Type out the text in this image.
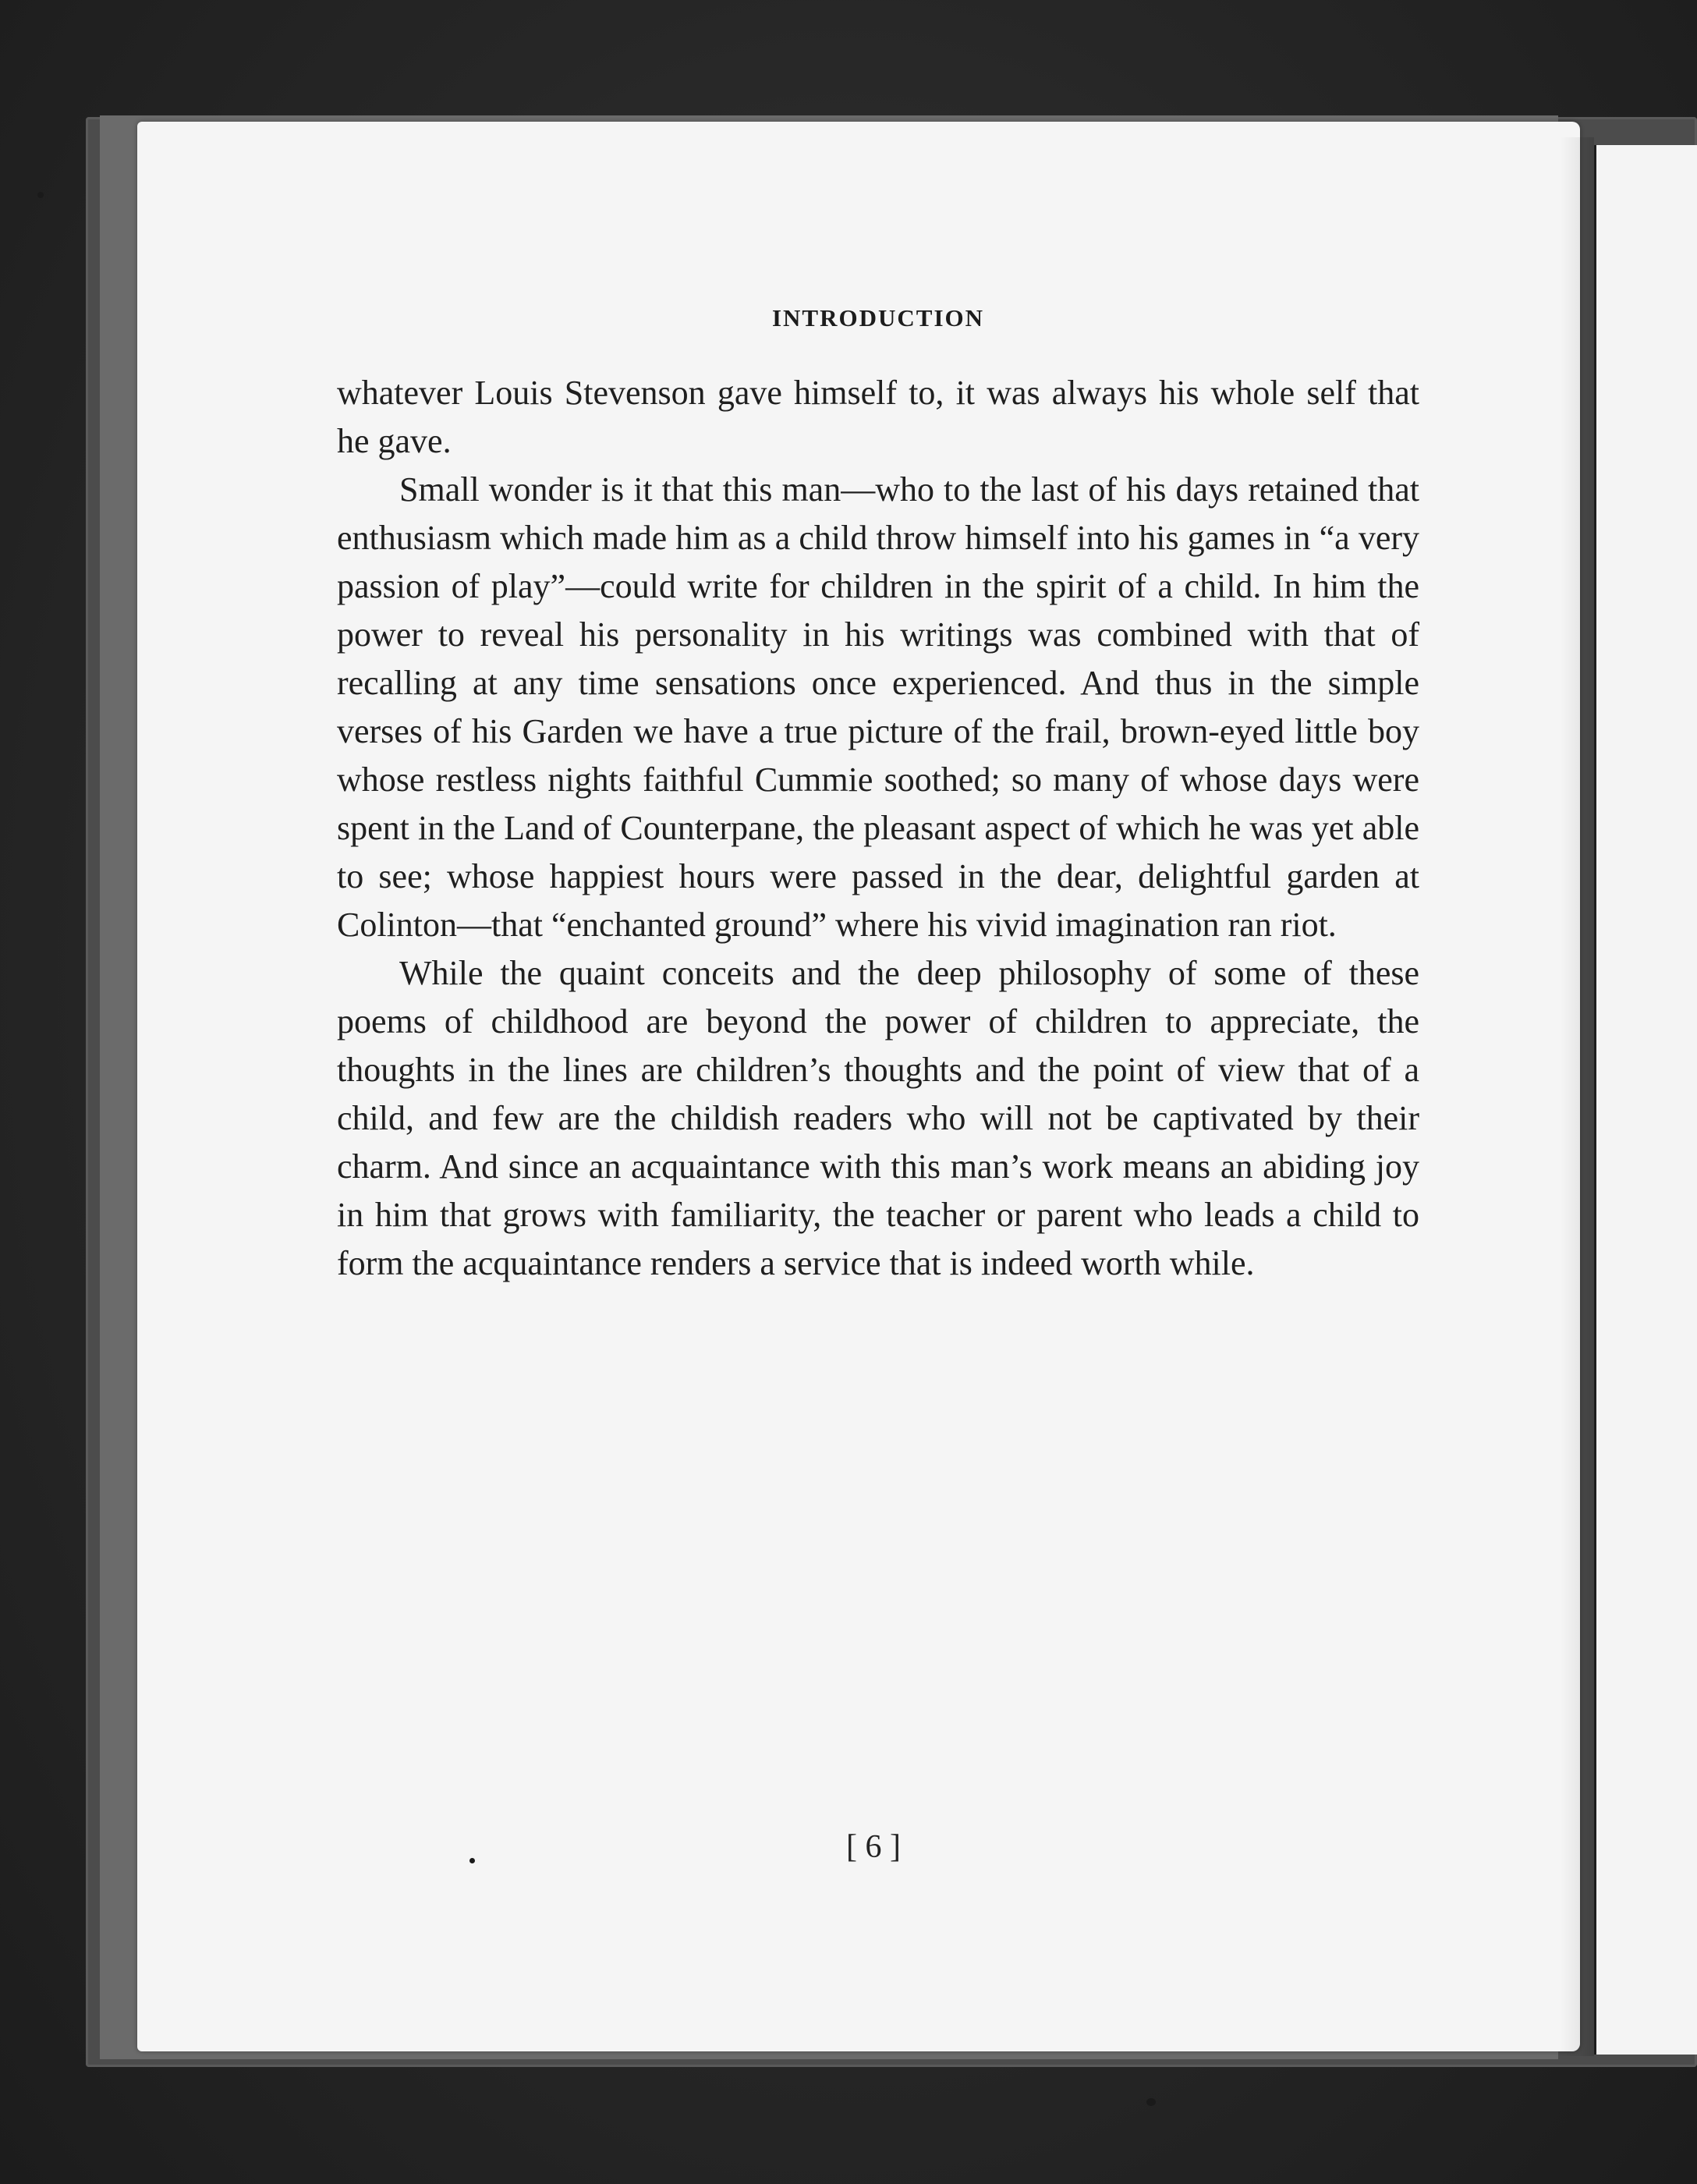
INTRODUCTION

whatever Louis Stevenson gave himself to, it was always his whole self that he gave.

Small wonder is it that this man—who to the last of his days retained that enthusiasm which made him as a child throw himself into his games in “a very passion of play”—could write for children in the spirit of a child. In him the power to reveal his personality in his writings was combined with that of recalling at any time sensations once experienced. And thus in the simple verses of his Garden we have a true picture of the frail, brown-eyed little boy whose restless nights faithful Cummie soothed; so many of whose days were spent in the Land of Counterpane, the pleasant aspect of which he was yet able to see; whose happiest hours were passed in the dear, delightful garden at Colinton—that “enchanted ground” where his vivid imagination ran riot.

While the quaint conceits and the deep philosophy of some of these poems of childhood are beyond the power of children to appreciate, the thoughts in the lines are children’s thoughts and the point of view that of a child, and few are the childish readers who will not be captivated by their charm. And since an acquaintance with this man’s work means an abiding joy in him that grows with familiarity, the teacher or parent who leads a child to form the acquaintance renders a service that is indeed worth while.

[ 6 ]
